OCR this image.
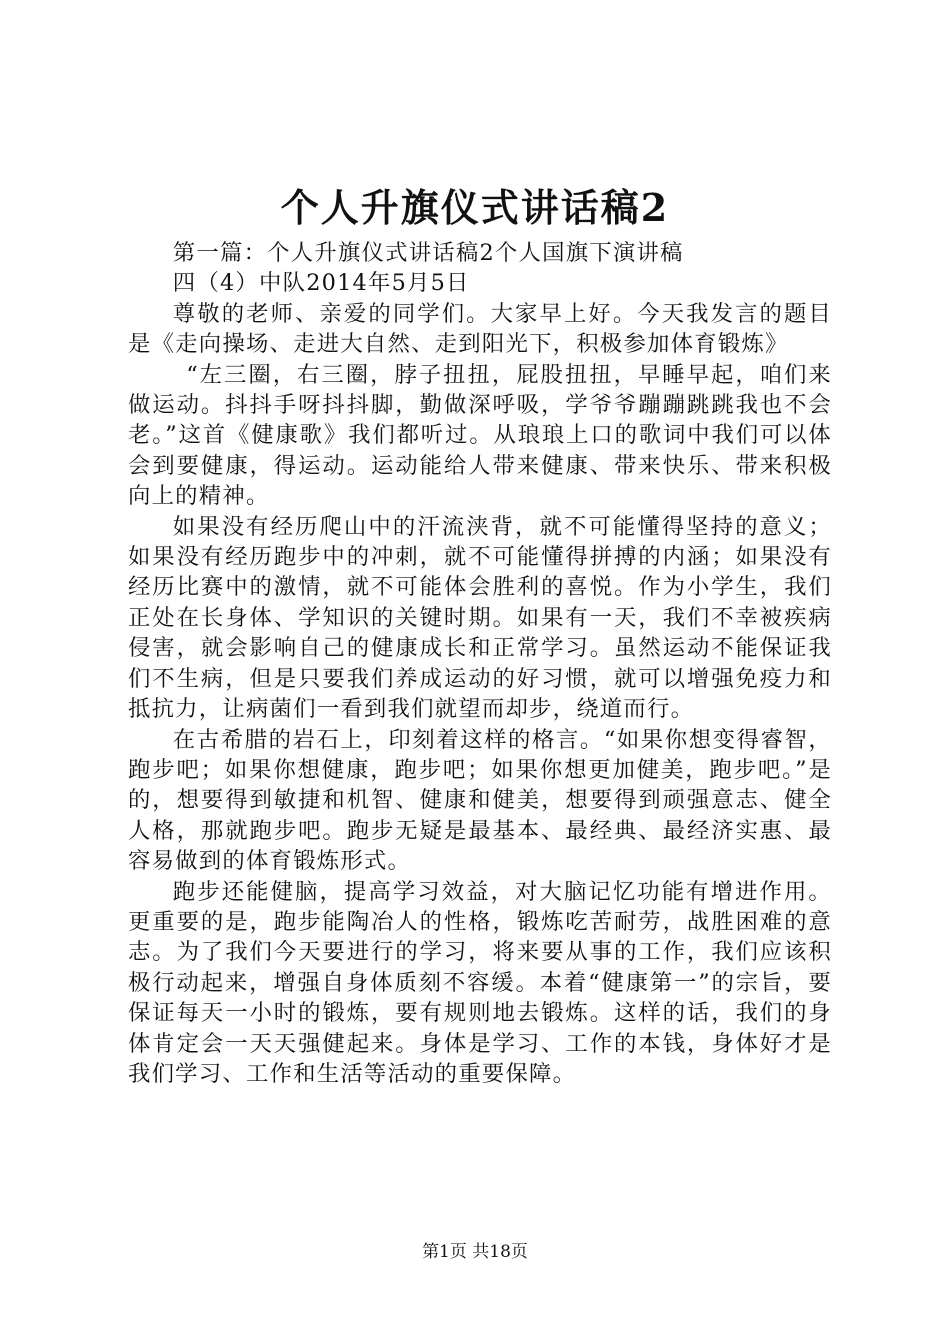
个人升旗仪式讲话稿2

第一篇：个人升旗仪式讲话稿2个人国旗下演讲稿

四（4）中队2014年5月5日

尊敬的老师、亲爱的同学们。大家早上好。今天我发言的题目是《走向操场、走进大自然、走到阳光下，积极参加体育锻炼》

“左三圈，右三圈，脖子扭扭，屁股扭扭，早睡早起，咱们来做运动。抖抖手呀抖抖脚，勤做深呼吸，学爷爷蹦蹦跳跳我也不会老。”这首《健康歌》我们都听过。从琅琅上口的歌词中我们可以体会到要健康，得运动。运动能给人带来健康、带来快乐、带来积极向上的精神。

如果没有经历爬山中的汗流浃背，就不可能懂得坚持的意义；如果没有经历跑步中的冲刺，就不可能懂得拼搏的内涵；如果没有经历比赛中的激情，就不可能体会胜利的喜悦。作为小学生，我们正处在长身体、学知识的关键时期。如果有一天，我们不幸被疾病侵害，就会影响自己的健康成长和正常学习。虽然运动不能保证我们不生病，但是只要我们养成运动的好习惯，就可以增强免疫力和抵抗力，让病菌们一看到我们就望而却步，绕道而行。

在古希腊的岩石上，印刻着这样的格言。“如果你想变得睿智，跑步吧；如果你想健康，跑步吧；如果你想更加健美，跑步吧。”是的，想要得到敏捷和机智、健康和健美，想要得到顽强意志、健全人格，那就跑步吧。跑步无疑是最基本、最经典、最经济实惠、最容易做到的体育锻炼形式。

跑步还能健脑，提高学习效益，对大脑记忆功能有增进作用。更重要的是，跑步能陶冶人的性格，锻炼吃苦耐劳，战胜困难的意志。为了我们今天要进行的学习，将来要从事的工作，我们应该积极行动起来，增强自身体质刻不容缓。本着“健康第一”的宗旨，要保证每天一小时的锻炼，要有规则地去锻炼。这样的话，我们的身体肯定会一天天强健起来。身体是学习、工作的本钱，身体好才是我们学习、工作和生活等活动的重要保障。

第1页 共18页
